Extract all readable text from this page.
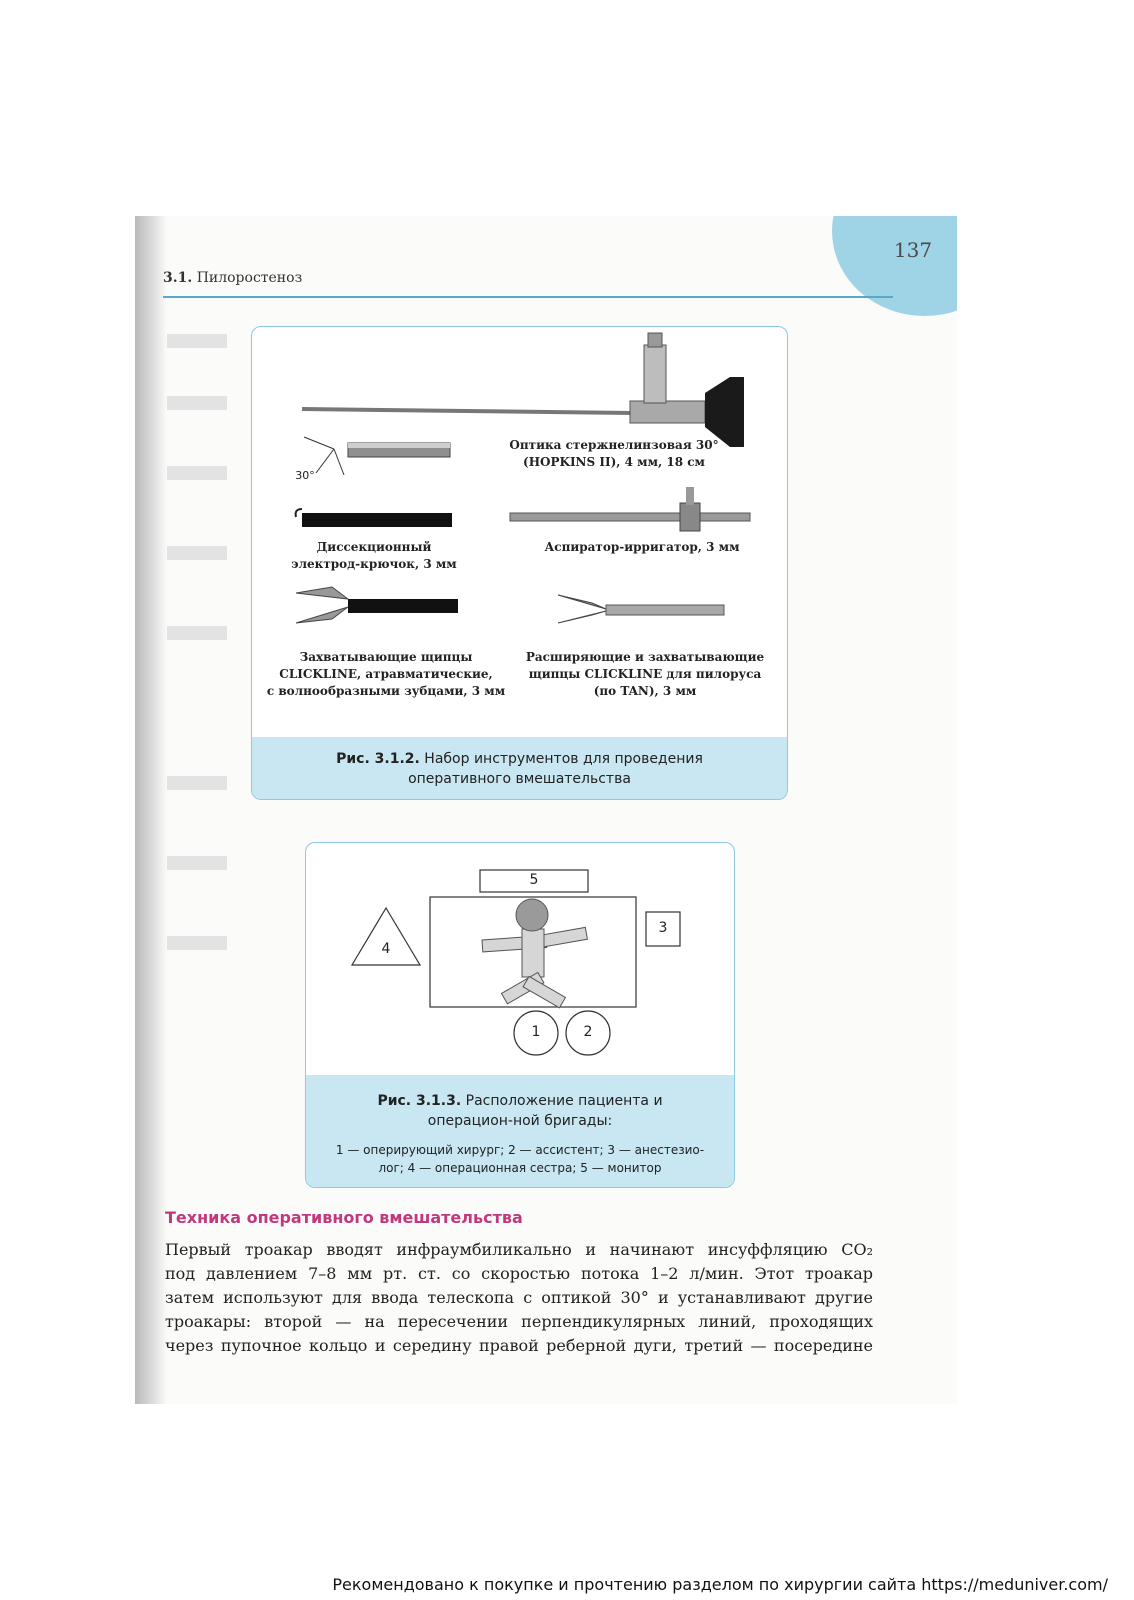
137
3.1. Пилоростеноз
30°
Оптика стержнелинзовая 30°
(HOPKINS II), 4 мм, 18 см
Диссекционный
электрод-крючок, 3 мм
Аспиратор-ирригатор, 3 мм
Захватывающие щипцы
CLICKLINE, атравматические,
с волнообразными зубцами, 3 мм
Расширяющие и захватывающие
щипцы CLICKLINE для пилоруса
(по TAN), 3 мм
Рис. 3.1.2. Набор инструментов для проведения оперативного вмешательства
5
3
4
1	2
Рис. 3.1.3. Расположение пациента и операцион-ной бригады:
1 — оперирующий хирург; 2 — ассистент; 3 — анестезио-лог; 4 — операционная сестра; 5 — монитор
Техника оперативного вмешательства
Первый троакар вводят инфраумбиликально и начинают инсуффляцию CO₂
под давлением 7–8 мм рт. ст. со скоростью потока 1–2 л/мин. Этот троакар
затем используют для ввода телескопа с оптикой 30° и устанавливают другие
троакары: второй — на пересечении перпендикулярных линий, проходящих
через пупочное кольцо и середину правой реберной дуги, третий — посередине
Рекомендовано к покупке и прочтению разделом по хирургии сайта https://meduniver.com/
